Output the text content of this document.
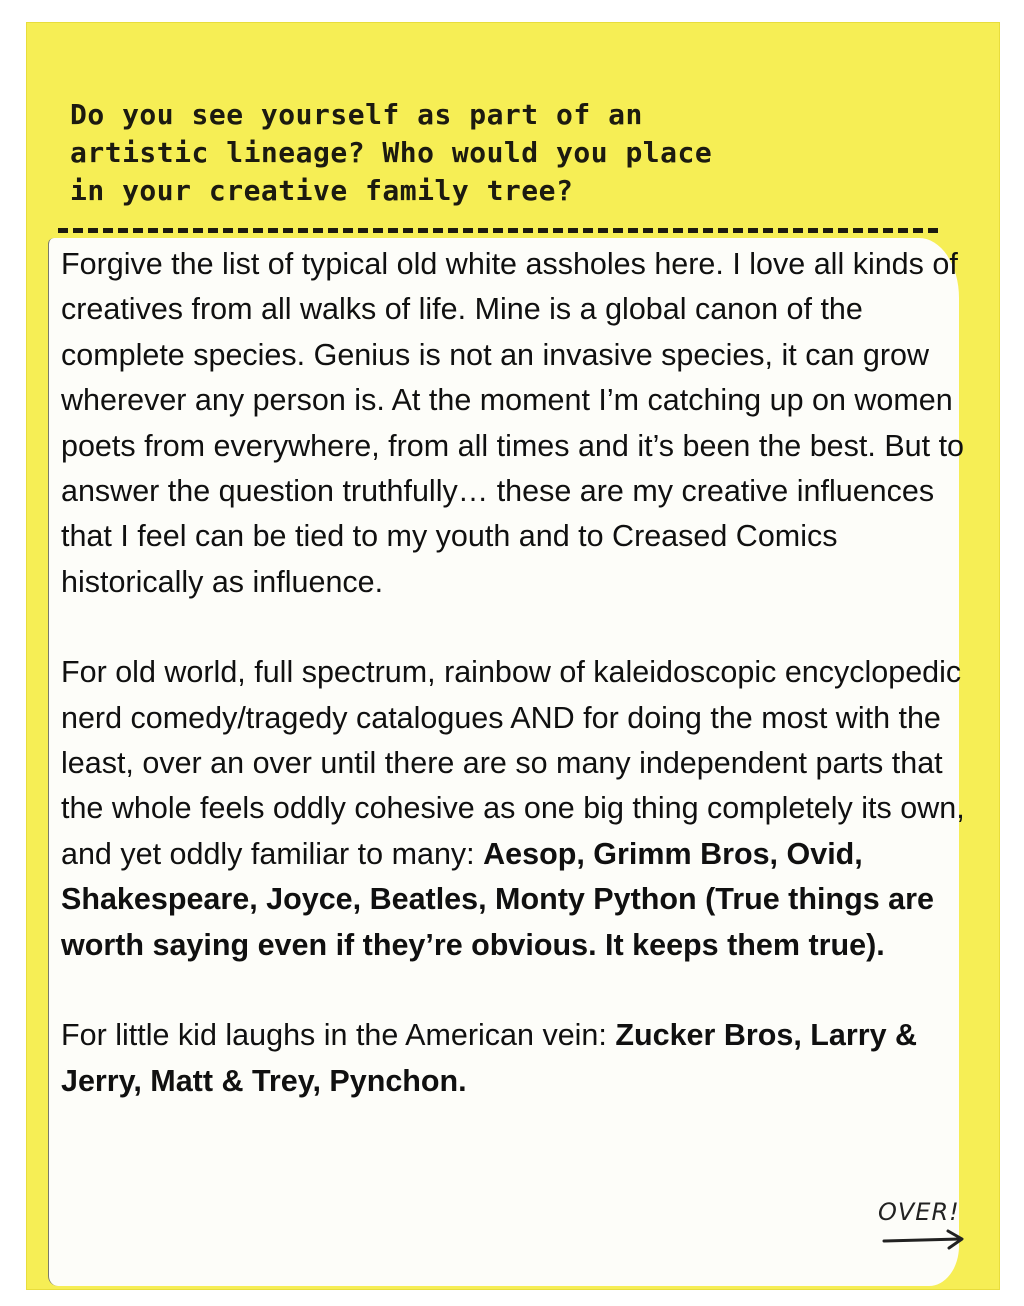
Do you see yourself as part of an
artistic lineage? Who would you place
in your creative family tree?

Forgive the list of typical old white assholes here. I love all kinds of creatives from all walks of life. Mine is a global canon of the complete species. Genius is not an invasive species, it can grow wherever any person is. At the moment I’m catching up on women poets from everywhere, from all times and it’s been the best. But to answer the question truthfully… these are my creative influences that I feel can be tied to my youth and to Creased Comics historically as influence.

For old world, full spectrum, rainbow of kaleidoscopic encyclopedic nerd comedy/tragedy catalogues AND for doing the most with the least, over an over until there are so many independent parts that the whole feels oddly cohesive as one big thing completely its own, and yet oddly familiar to many: Aesop, Grimm Bros, Ovid, Shakespeare, Joyce, Beatles, Monty Python (True things are worth saying even if they’re obvious. It keeps them true).

For little kid laughs in the American vein: Zucker Bros, Larry & Jerry, Matt & Trey, Pynchon.

OVER!
